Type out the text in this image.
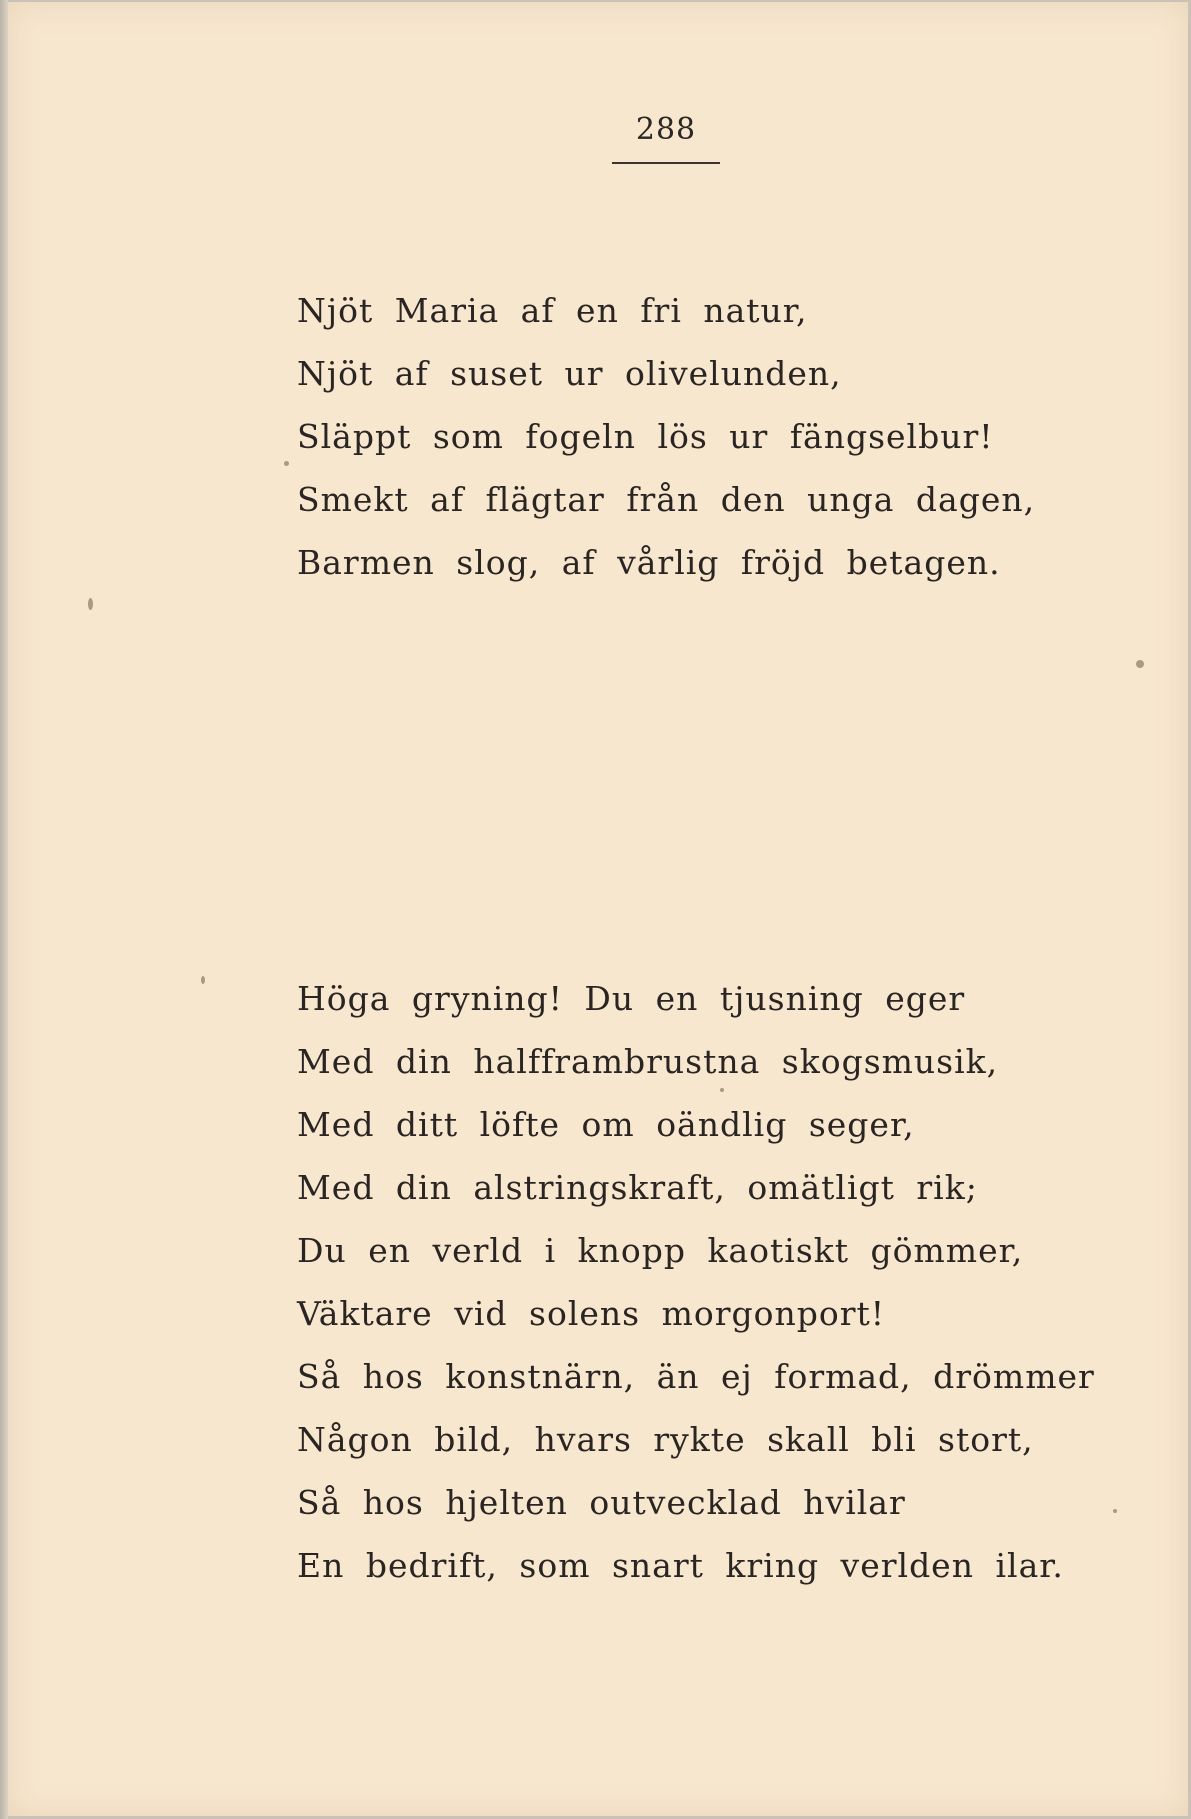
288
Njöt Maria af en fri natur,
Njöt af suset ur olivelunden,
Släppt som fogeln lös ur fängselbur!
Smekt af flägtar från den unga dagen,
Barmen slog, af vårlig fröjd betagen.
Höga gryning! Du en tjusning eger
Med din halfframbrustna skogsmusik,
Med ditt löfte om oändlig seger,
Med din alstringskraft, omätligt rik;
Du en verld i knopp kaotiskt gömmer,
Väktare vid solens morgonport!
Så hos konstnärn, än ej formad, drömmer
Någon bild, hvars rykte skall bli stort,
Så hos hjelten outvecklad hvilar
En bedrift, som snart kring verlden ilar.
